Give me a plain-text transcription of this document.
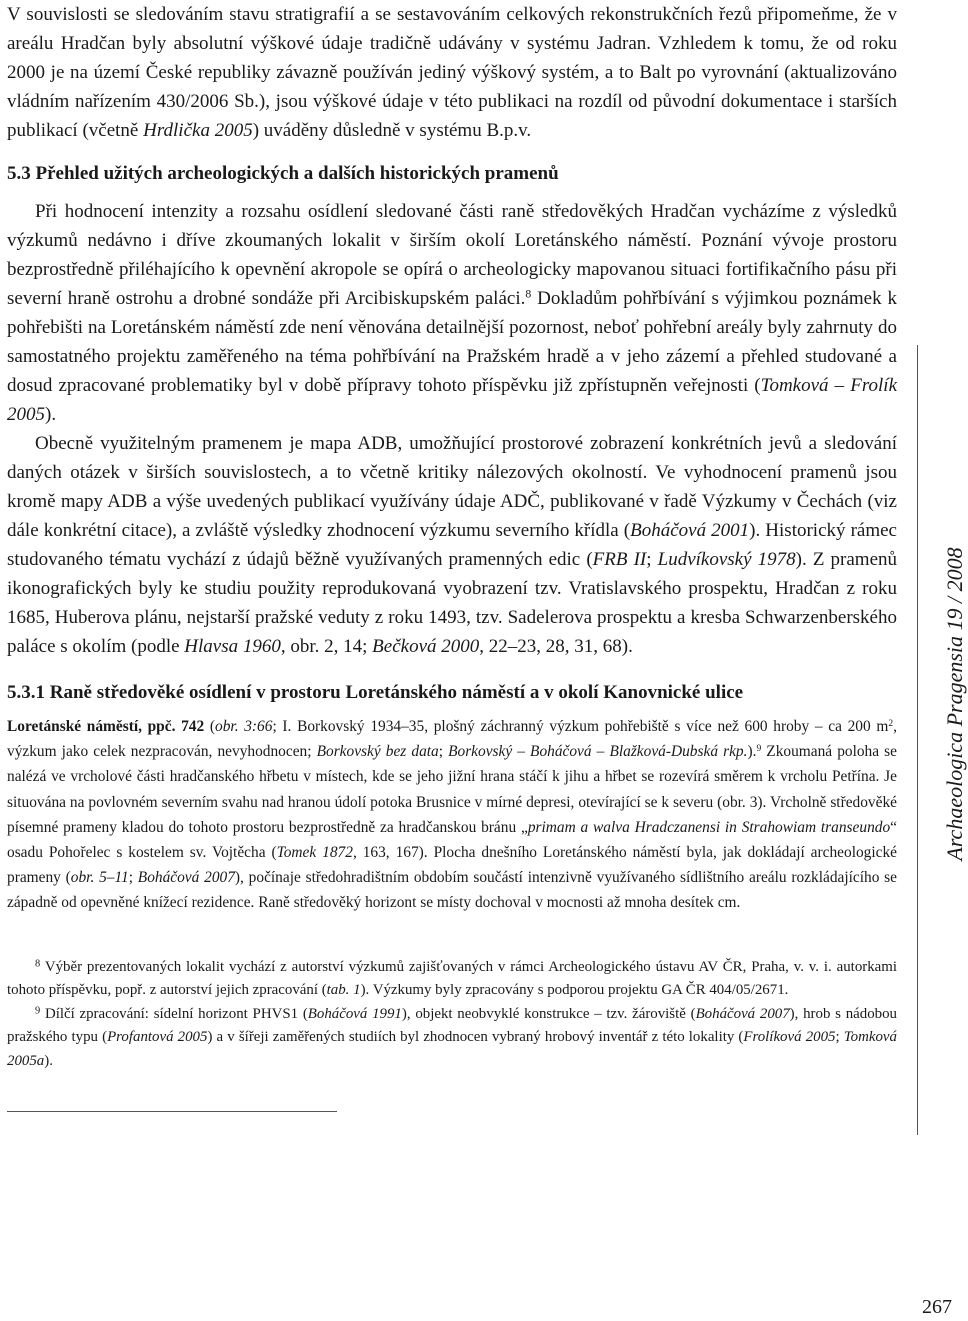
V souvislosti se sledováním stavu stratigrafií a se sestavováním celkových rekonstrukčních řezů připomeňme, že v areálu Hradčan byly absolutní výškové údaje tradičně udávány v systému Jadran. Vzhledem k tomu, že od roku 2000 je na území České republiky závazně používán jediný výškový systém, a to Balt po vyrovnání (aktualizováno vládním nařízením 430/2006 Sb.), jsou výškové údaje v této publikaci na rozdíl od původní dokumentace i starších publikací (včetně Hrdlička 2005) uváděny důsledně v systému B.p.v.

5.3 Přehled užitých archeologických a dalších historických pramenů

Při hodnocení intenzity a rozsahu osídlení sledované části raně středověkých Hradčan vycházíme z výsledků výzkumů nedávno i dříve zkoumaných lokalit v širším okolí Loretánského náměstí. Poznání vývoje prostoru bezprostředně přiléhajícího k opevnění akropole se opírá o archeologicky mapovanou situaci fortifikačního pásu při severní hraně ostrohu a drobné sondáže při Arcibiskupském paláci.$^8$ Dokladům pohřbívání s výjimkou poznámek k pohřebišti na Loretánském náměstí zde není věnována detailnější pozornost, neboť pohřební areály byly zahrnuty do samostatného projektu zaměřeného na téma pohřbívání na Pražském hradě a v jeho zázemí a přehled studované a dosud zpracované problematiky byl v době přípravy tohoto příspěvku již zpřístupněn veřejnosti (Tomková – Frolík 2005).

Obecně využitelným pramenem je mapa ADB, umožňující prostorové zobrazení konkrétních jevů a sledování daných otázek v širších souvislostech, a to včetně kritiky nálezových okolností. Ve vyhodnocení pramenů jsou kromě mapy ADB a výše uvedených publikací využívány údaje ADČ, publikované v řadě Výzkumy v Čechách (viz dále konkrétní citace), a zvláště výsledky zhodnocení výzkumu severního křídla (Boháčová 2001). Historický rámec studovaného tématu vychází z údajů běžně využívaných pramenných edic (FRB II; Ludvíkovský 1978). Z pramenů ikonografických byly ke studiu použity reprodukovaná vyobrazení tzv. Vratislavského prospektu, Hradčan z roku 1685, Huberova plánu, nejstarší pražské veduty z roku 1493, tzv. Sadelerova prospektu a kresba Schwarzenberského paláce s okolím (podle Hlavsa 1960, obr. 2, 14; Bečková 2000, 22–23, 28, 31, 68).

5.3.1 Raně středověké osídlení v prostoru Loretánského náměstí a v okolí Kanovnické ulice

Loretánské náměstí, ppč. 742 (obr. 3:66; I. Borkovský 1934–35, plošný záchranný výzkum pohřebiště s více než 600 hroby – ca 200 $m^2$, výzkum jako celek nezpracován, nevyhodnocen; Borkovský bez data; Borkovský – Boháčová – Blažková-Dubská rkp.).$^9$ Zkoumaná poloha se nalézá ve vrcholové části hradčanského hřbetu v místech, kde se jeho jižní hrana stáčí k jihu a hřbet se rozevírá směrem k vrcholu Petřína. Je situována na povlovném severním svahu nad hranou údolí potoka Brusnice v mírné depresi, otevírající se k severu (obr. 3). Vrcholně středověké písemné prameny kladou do tohoto prostoru bezprostředně za hradčanskou bránu „primam a walva Hradczanensi in Strahowiam transeundo“ osadu Pohořelec s kostelem sv. Vojtěcha (Tomek 1872, 163, 167). Plocha dnešního Loretánského náměstí byla, jak dokládají archeologické prameny (obr. 5–11; Boháčová 2007), počínaje středohradištním obdobím součástí intenzivně využívaného sídlištního areálu rozkládajícího se západně od opevněné knížecí rezidence. Raně středověký horizont se místy dochoval v mocnosti až mnoha desítek cm.

$^8$ Výběr prezentovaných lokalit vychází z autorství výzkumů zajišťovaných v rámci Archeologického ústavu AV ČR, Praha, v. v. i. autorkami tohoto příspěvku, popř. z autorství jejich zpracování (tab. 1). Výzkumy byly zpracovány s podporou projektu GA ČR 404/05/2671.

$^9$ Dílčí zpracování: sídelní horizont PHVS1 (Boháčová 1991), objekt neobvyklé konstrukce – tzv. žároviště (Boháčová 2007), hrob s nádobou pražského typu (Profantová 2005) a v šířeji zaměřených studiích byl zhodnocen vybraný hrobový inventář z této lokality (Frolíková 2005; Tomková 2005a).

Archaeologica Pragensia 19 / 2008
267
